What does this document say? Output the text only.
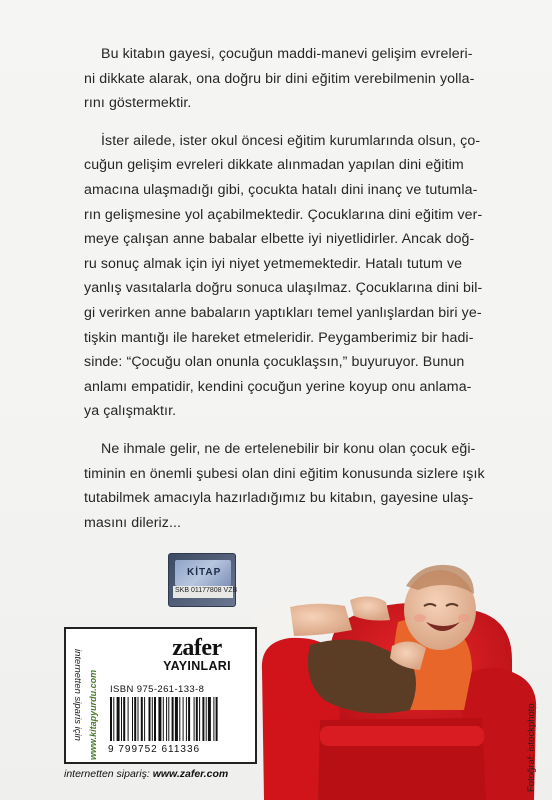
Bu kitabın gayesi, çocuğun maddi-manevi gelişim evreleri-
ni dikkate alarak, ona doğru bir dini eğitim verebilmenin yolla-
rını göstermektir.

İster ailede, ister okul öncesi eğitim kurumlarında olsun, ço-
cuğun gelişim evreleri dikkate alınmadan yapılan dini eğitim
amacına ulaşmadığı gibi, çocukta hatalı dini inanç ve tutumla-
rın gelişmesine yol açabilmektedir. Çocuklarına dini eğitim ver-
meye çalışan anne babalar elbette iyi niyetlidirler. Ancak doğ-
ru sonuç almak için iyi niyet yetmemektedir. Hatalı tutum ve
yanlış vasıtalarla doğru sonuca ulaşılmaz. Çocuklarına dini bil-
gi verirken anne babaların yaptıkları temel yanlışlardan biri ye-
tişkin mantığı ile hareket etmeleridir. Peygamberimiz bir hadi-
sinde: “Çocuğu olan onunla çocuklaşsın,” buyuruyor. Bunun
anlamı empatidir, kendini çocuğun yerine koyup onu anlama-
ya çalışmaktır.

Ne ihmale gelir, ne de ertelenebilir bir konu olan çocuk eği-
timinin en önemli şubesi olan dini eğitim konusunda sizlere ışık
tutabilmek amacıyla hazırladığımız bu kitabın, gayesine ulaş-
masını dileriz...

KİTAP
SKB 01177808 VZB
internetten siparis için www.kitapyurdu.com
zafer
YAYINLARI
ISBN 975-261-133-8
9 799752 611336
internetten sipariş: www.zafer.com	Fotoğraf: istockphoto
